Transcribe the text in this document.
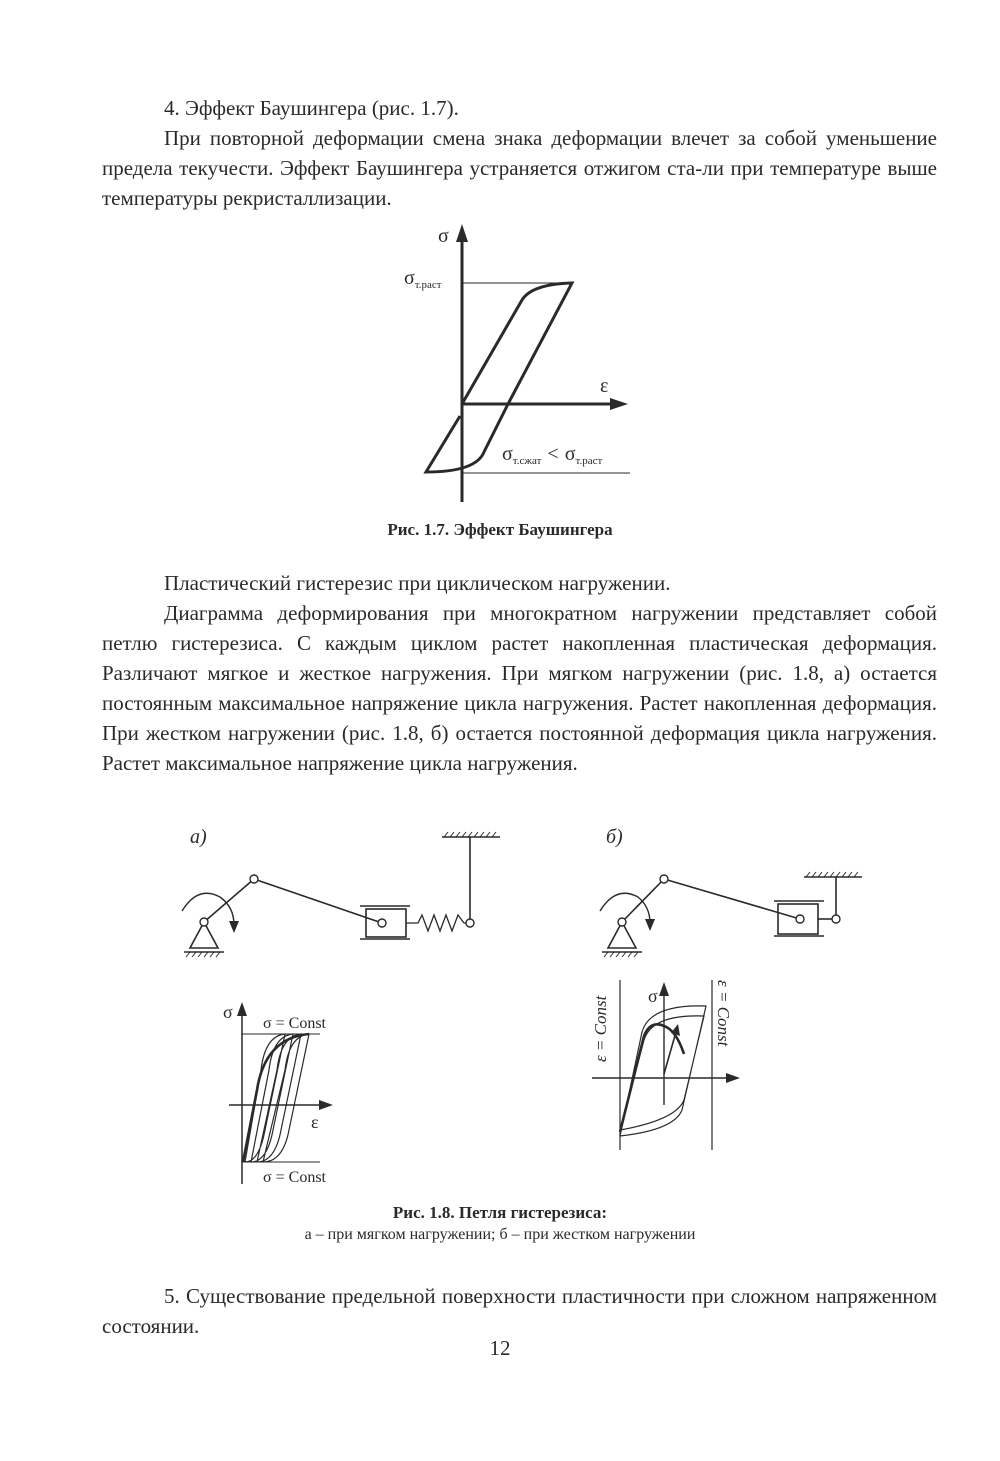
4. Эффект Баушингера (рис. 1.7).

При повторной деформации смена знака деформации влечет за собой уменьшение предела текучести. Эффект Баушингера устраняется отжигом ста-ли при температуре выше температуры рекристаллизации.

σ
ε
$\sigma_{т.раст}$
$\sigma_{т.сжат} < \sigma_{т.раст}$

Рис. 1.7. Эффект Баушингера

Пластический гистерезис при циклическом нагружении.

Диаграмма деформирования при многократном нагружении представляет собой петлю гистерезиса. С каждым циклом растет накопленная пластическая деформация. Различают мягкое и жесткое нагружения. При мягком нагружении (рис. 1.8, а) остается постоянным максимальное напряжение цикла нагружения. Растет накопленная деформация. При жестком нагружении (рис. 1.8, б) остается постоянной деформация цикла нагружения. Растет максимальное напряжение цикла нагружения.

а)	б)
σ
ε
σ = Const
σ = Const
σ
ε = Const	ε = Const

Рис. 1.8. Петля гистерезиса:

а – при мягком нагружении; б – при жестком нагружении

5. Существование предельной поверхности пластичности при сложном напряженном состоянии.

12
